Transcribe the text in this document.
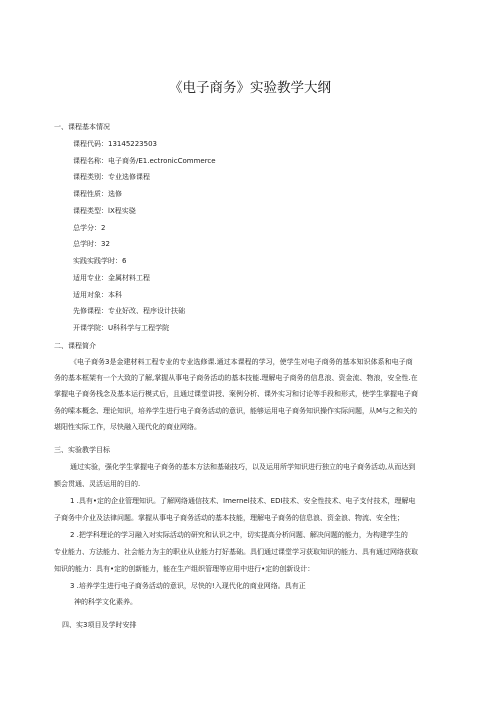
《电子商务》实验教学大纲
一、课程基本情况
课程代码：13145223503
课程名称：电子商务/E1.ectronicCommerce
课程类别：专业选修课程
课程性质：选修
课程类型：lX程实骁
总学分：2
总学时：32
实践实践学时：6
适用专业：金属材料工程
适用对象：本科
先修课程：专业好改、程序设计扶础
开课学院：U科科学与工程学院
二、课程简介
《电子商务3是金建材料工程专业的专业选修课.通过本课程的学习，使学生对电子商务的基本知识体系和电子商
务的基本框架有一个大致的了解,掌握从事电子商务活动的基本技能.理解电子商务的信息浪、资金流、物浪，安全性.在
掌握电子商务栈念及基本运行模式后，且通过课堂讲授、案例分析、课外实习和讨论等手段和形式，使学生掌握电子商
务的嗦本概念、理论知识，培养学生进行电子商务活动的意识，能够运用电子商务知识操作实际问题，从M与之和关的
堪阳性实际工作，尽快融入现代化的商业网络。
三、实验教学目标
通过实验，强化学生掌握电子商务的基本方法和基础技巧，以及运用所学知识进行独立的电子商务活动,从而达到
额会贯通、灵活运用的目的.
1 .具有•定的企业管理知识。了解网络通信技术、Imernel技术、EDI技术、安全性技术、电子支付技术，理解电
子商务中介业及法律问题。掌握从事电子商务活动的基本技能，理解电子商务的信息浪、资金浪、物流、安全性；
2 .把学科理论的学习融入对实际活动的研究和认识之中，切实提高分析问题、解决问题的能力，为构建学生的
专业能力、方法能力、社会能力为主的职业从业能力打好基础。具们通过课堂学习获取知识的能力、具有通过网络获取
知识的能力：具有•定的创新能力，能在生产组织管理等应用中进行•定的创新设计：
3 .培养学生进行电子商务活动的意识，尽快的!入现代化的商业网络。具有正
神的科学文化素养。
四、实3项目及学时安排
